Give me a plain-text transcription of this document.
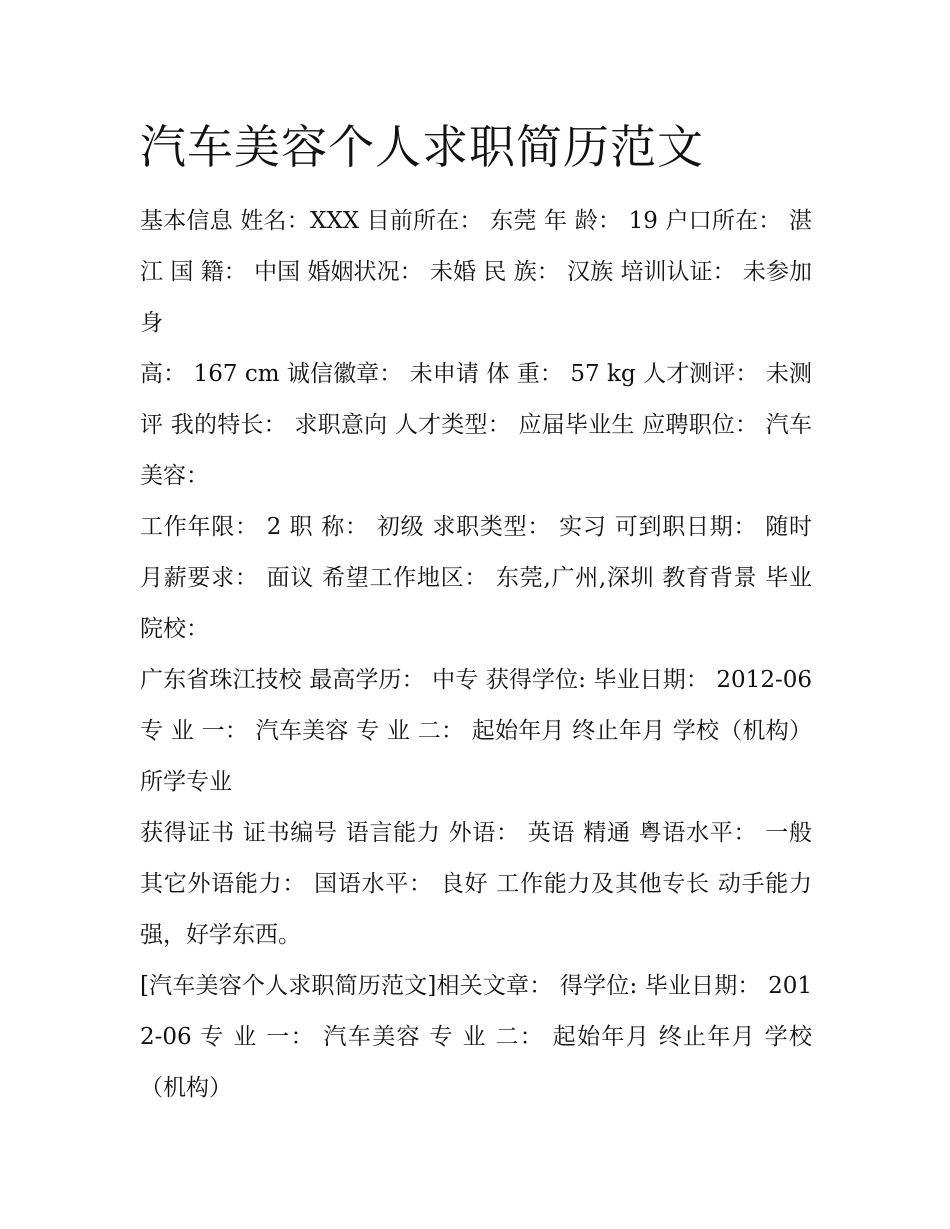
汽车美容个人求职简历范文

基本信息 姓名：XXX 目前所在： 东莞 年 龄： 19 户口所在： 湛江 国 籍： 中国 婚姻状况： 未婚 民 族： 汉族 培训认证： 未参加 身

高： 167 cm 诚信徽章： 未申请 体 重： 57 kg 人才测评： 未测评 我的特长： 求职意向 人才类型： 应届毕业生 应聘职位： 汽车美容：

工作年限： 2 职 称： 初级 求职类型： 实习 可到职日期： 随时 月薪要求： 面议 希望工作地区： 东莞,广州,深圳 教育背景 毕业院校：

广东省珠江技校 最高学历： 中专 获得学位: 毕业日期： 2012-06 专 业 一： 汽车美容 专 业 二： 起始年月 终止年月 学校（机构） 所学专业

获得证书 证书编号 语言能力 外语： 英语 精通 粤语水平： 一般 其它外语能力： 国语水平： 良好 工作能力及其他专长 动手能力强，好学东西。

[汽车美容个人求职简历范文]相关文章： 得学位: 毕业日期： 2012-06 专 业 一： 汽车美容 专 业 二： 起始年月 终止年月 学校（机构）
